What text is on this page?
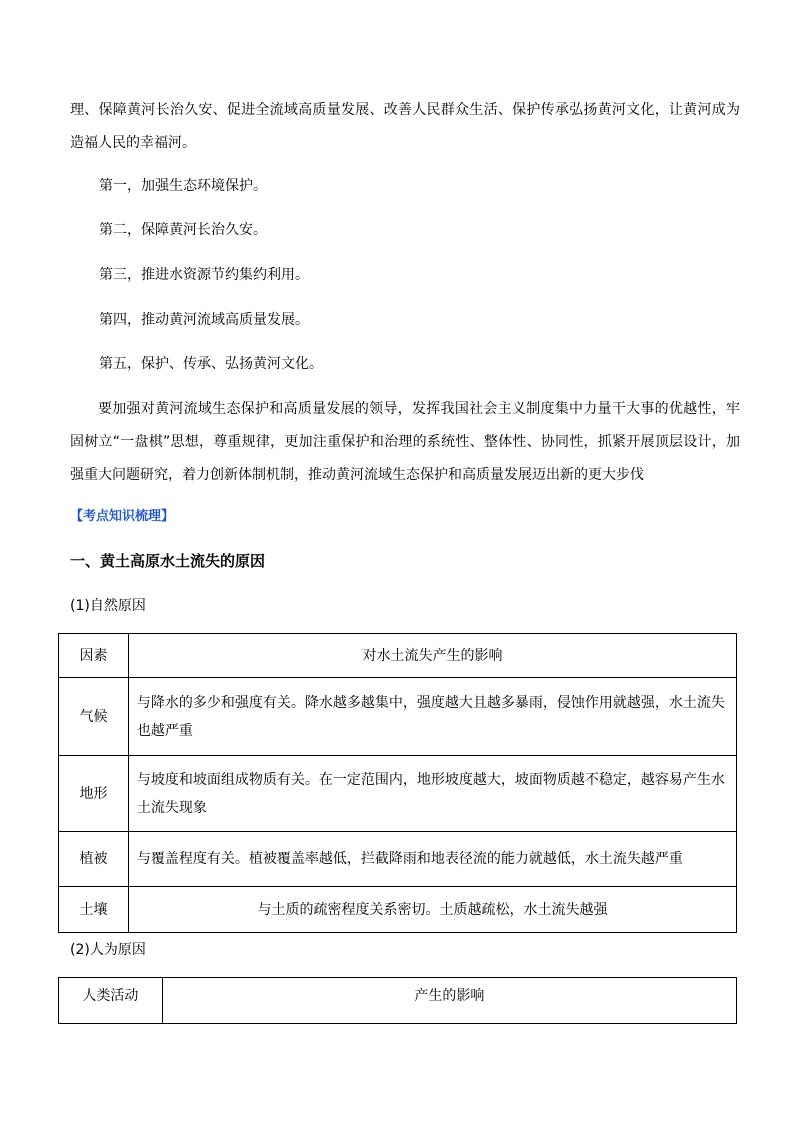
理、保障黄河长治久安、促进全流域高质量发展、改善人民群众生活、保护传承弘扬黄河文化，让黄河成为造福人民的幸福河。
第一，加强生态环境保护。
第二，保障黄河长治久安。
第三，推进水资源节约集约利用。
第四，推动黄河流域高质量发展。
第五，保护、传承、弘扬黄河文化。
要加强对黄河流域生态保护和高质量发展的领导，发挥我国社会主义制度集中力量干大事的优越性，牢固树立“一盘棋”思想，尊重规律，更加注重保护和治理的系统性、整体性、协同性，抓紧开展顶层设计，加强重大问题研究，着力创新体制机制，推动黄河流域生态保护和高质量发展迈出新的更大步伐
【考点知识梳理】
一、黄土高原水土流失的原因
(1)自然原因
因素	对水土流失产生的影响
气候	与降水的多少和强度有关。降水越多越集中，强度越大且越多暴雨，侵蚀作用就越强，水土流失也越严重
地形	与坡度和坡面组成物质有关。在一定范围内，地形坡度越大，坡面物质越不稳定，越容易产生水土流失现象
植被	与覆盖程度有关。植被覆盖率越低，拦截降雨和地表径流的能力就越低，水土流失越严重
土壤	与土质的疏密程度关系密切。土质越疏松，水土流失越强
(2)人为原因
人类活动	产生的影响
